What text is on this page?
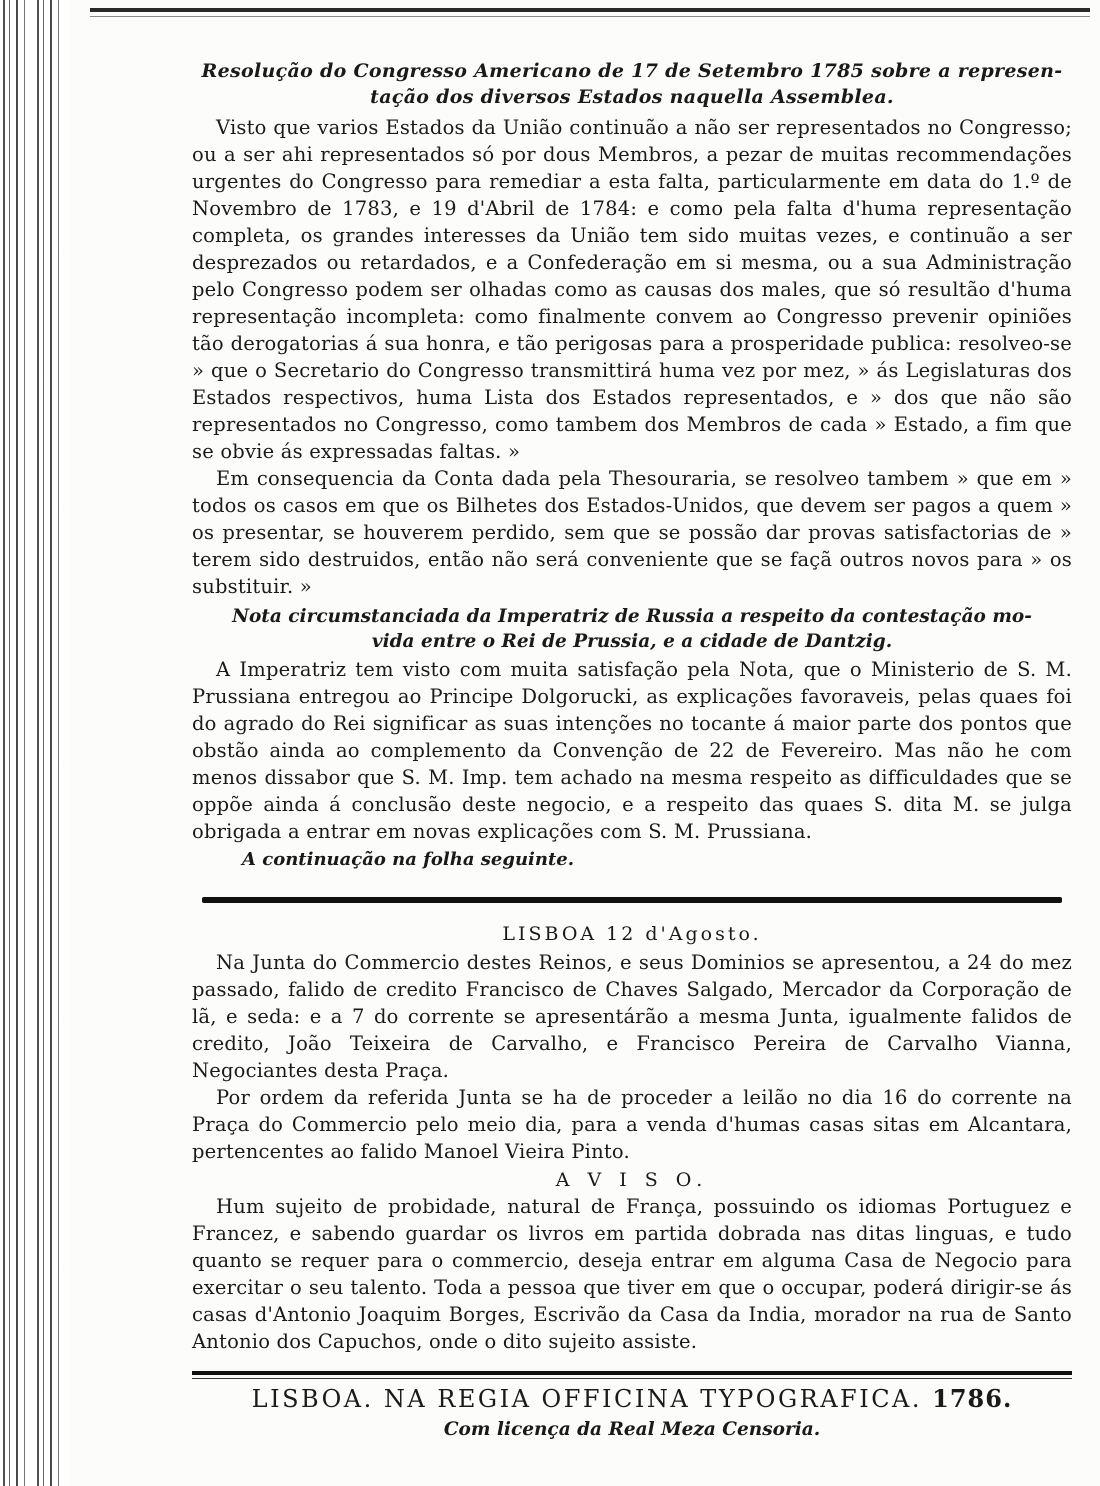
Resolução do Congresso Americano de 17 de Setembro 1785 sobre a represen-
tação dos diversos Estados naquella Assemblea.

Visto que varios Estados da União continuão a não ser representados no Congresso; ou a ser ahi representados só por dous Membros, a pezar de muitas recommendações urgentes do Congresso para remediar a esta falta, particularmente em data do 1.º de Novembro de 1783, e 19 d'Abril de 1784: e como pela falta d'huma representação completa, os grandes interesses da União tem sido muitas vezes, e continuão a ser desprezados ou retardados, e a Confederação em si mesma, ou a sua Administração pelo Congresso podem ser olhadas como as causas dos males, que só resultão d'huma representação incompleta: como finalmente convem ao Congresso prevenir opiniões tão derogatorias á sua honra, e tão perigosas para a prosperidade publica: resolveo-se » que o Secretario do Congresso transmittirá huma vez por mez, » ás Legislaturas dos Estados respectivos, huma Lista dos Estados representados, e » dos que não são representados no Congresso, como tambem dos Membros de cada » Estado, a fim que se obvie ás expressadas faltas. »

Em consequencia da Conta dada pela Thesouraria, se resolveo tambem » que em » todos os casos em que os Bilhetes dos Estados-Unidos, que devem ser pagos a quem » os presentar, se houverem perdido, sem que se possão dar provas satisfactorias de » terem sido destruidos, então não será conveniente que se façã outros novos para » os substituir. »

Nota circumstanciada da Imperatriz de Russia a respeito da contestação mo-
vida entre o Rei de Prussia, e a cidade de Dantzig.

A Imperatriz tem visto com muita satisfação pela Nota, que o Ministerio de S. M. Prussiana entregou ao Principe Dolgorucki, as explicações favoraveis, pelas quaes foi do agrado do Rei significar as suas intenções no tocante á maior parte dos pontos que obstão ainda ao complemento da Convenção de 22 de Fevereiro. Mas não he com menos dissabor que S. M. Imp. tem achado na mesma respeito as difficuldades que se oppõe ainda á conclusão deste negocio, e a respeito das quaes S. dita M. se julga obrigada a entrar em novas explicações com S. M. Prussiana.

A continuação na folha seguinte.
LISBOA 12 d'Agosto.

Na Junta do Commercio destes Reinos, e seus Dominios se apresentou, a 24 do mez passado, falido de credito Francisco de Chaves Salgado, Mercador da Corporação de lã, e seda: e a 7 do corrente se apresentárão a mesma Junta, igualmente falidos de credito, João Teixeira de Carvalho, e Francisco Pereira de Carvalho Vianna, Negociantes desta Praça.

Por ordem da referida Junta se ha de proceder a leilão no dia 16 do corrente na Praça do Commercio pelo meio dia, para a venda d'humas casas sitas em Alcantara, pertencentes ao falido Manoel Vieira Pinto.

A V I S O.

Hum sujeito de probidade, natural de França, possuindo os idiomas Portuguez e Francez, e sabendo guardar os livros em partida dobrada nas ditas linguas, e tudo quanto se requer para o commercio, deseja entrar em alguma Casa de Negocio para exercitar o seu talento. Toda a pessoa que tiver em que o occupar, poderá dirigir-se ás casas d'Antonio Joaquim Borges, Escrivão da Casa da India, morador na rua de Santo Antonio dos Capuchos, onde o dito sujeito assiste.

LISBOA. NA REGIA OFFICINA TYPOGRAFICA. 1786.
Com licença da Real Meza Censoria.
